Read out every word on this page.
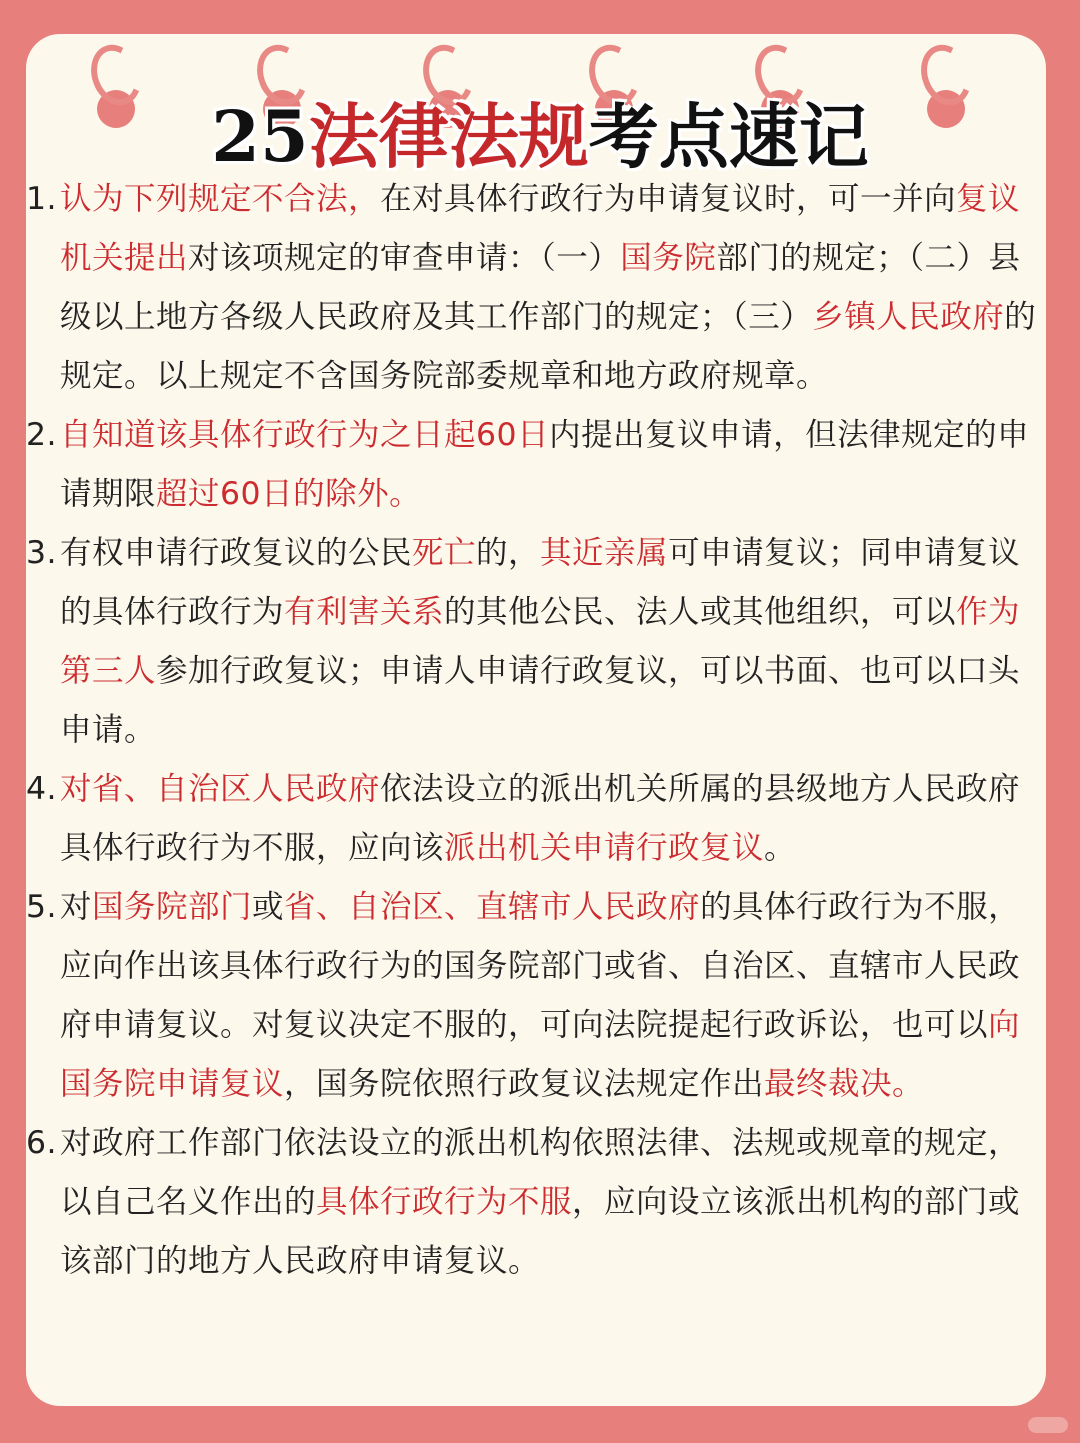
25法律法规考点速记
1. 认为下列规定不合法，在对具体行政行为申请复议时，可一并向复议机关提出对该项规定的审查申请：（一）国务院部门的规定；（二）县级以上地方各级人民政府及其工作部门的规定；（三）乡镇人民政府的规定。以上规定不含国务院部委规章和地方政府规章。
2. 自知道该具体行政行为之日起60日内提出复议申请，但法律规定的申请期限超过60日的除外。
3. 有权申请行政复议的公民死亡的，其近亲属可申请复议；同申请复议的具体行政行为有利害关系的其他公民、法人或其他组织，可以作为第三人参加行政复议；申请人申请行政复议，可以书面、也可以口头申请。
4. 对省、自治区人民政府依法设立的派出机关所属的县级地方人民政府具体行政行为不服，应向该派出机关申请行政复议。
5. 对国务院部门或省、自治区、直辖市人民政府的具体行政行为不服，应向作出该具体行政行为的国务院部门或省、自治区、直辖市人民政府申请复议。对复议决定不服的，可向法院提起行政诉讼，也可以向国务院申请复议，国务院依照行政复议法规定作出最终裁决。
6. 对政府工作部门依法设立的派出机构依照法律、法规或规章的规定，以自己名义作出的具体行政行为不服，应向设立该派出机构的部门或该部门的地方人民政府申请复议。
